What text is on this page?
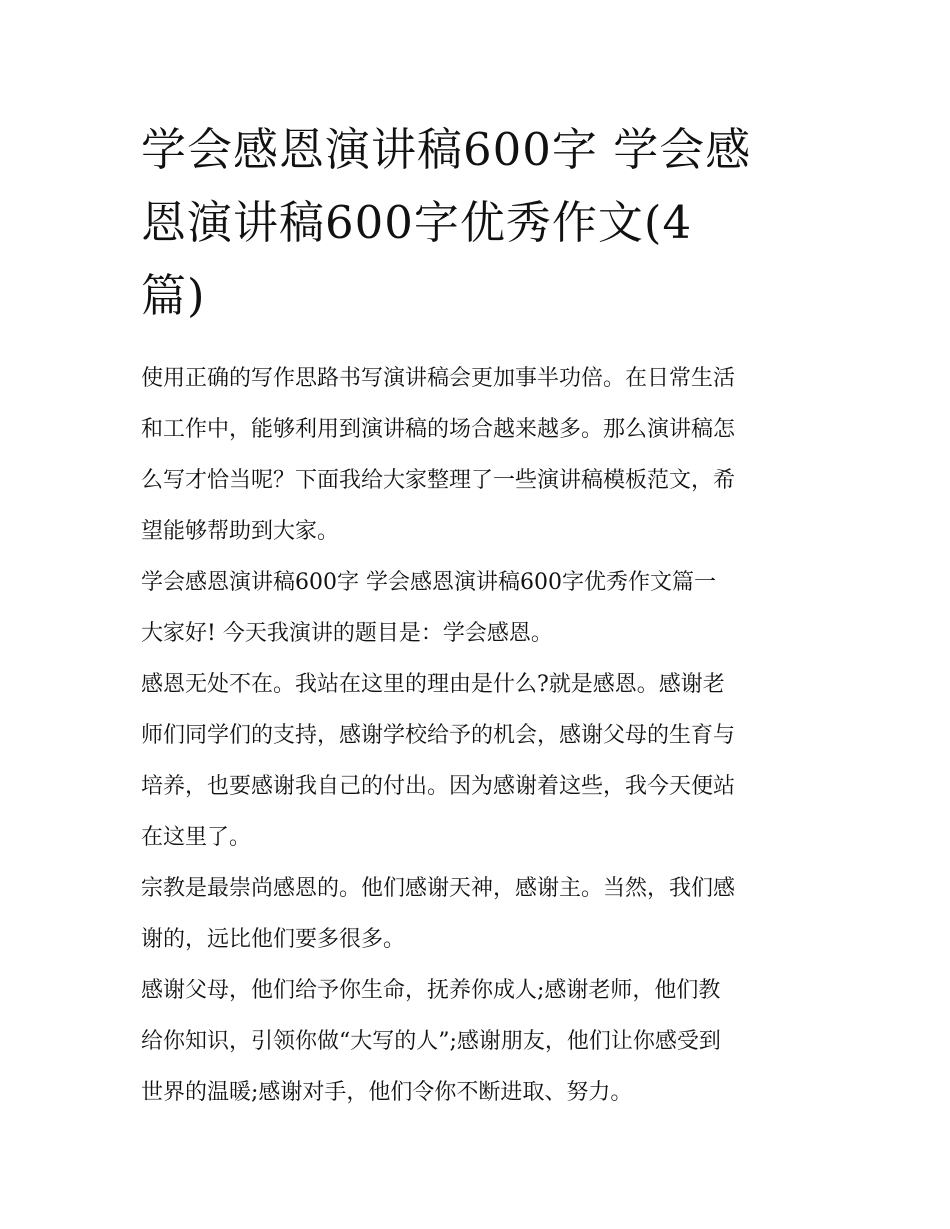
学会感恩演讲稿600字 学会感
恩演讲稿600字优秀作文(4
篇)

使用正确的写作思路书写演讲稿会更加事半功倍。在日常生活
和工作中，能够利用到演讲稿的场合越来越多。那么演讲稿怎
么写才恰当呢？下面我给大家整理了一些演讲稿模板范文，希
望能够帮助到大家。

学会感恩演讲稿600字 学会感恩演讲稿600字优秀作文篇一

大家好! 今天我演讲的题目是：学会感恩。

感恩无处不在。我站在这里的理由是什么?就是感恩。感谢老
师们同学们的支持，感谢学校给予的机会，感谢父母的生育与
培养，也要感谢我自己的付出。因为感谢着这些，我今天便站
在这里了。

宗教是最崇尚感恩的。他们感谢天神，感谢主。当然，我们感
谢的，远比他们要多很多。

感谢父母，他们给予你生命，抚养你成人;感谢老师，他们教
给你知识，引领你做“大写的人”;感谢朋友，他们让你感受到
世界的温暖;感谢对手，他们令你不断进取、努力。
